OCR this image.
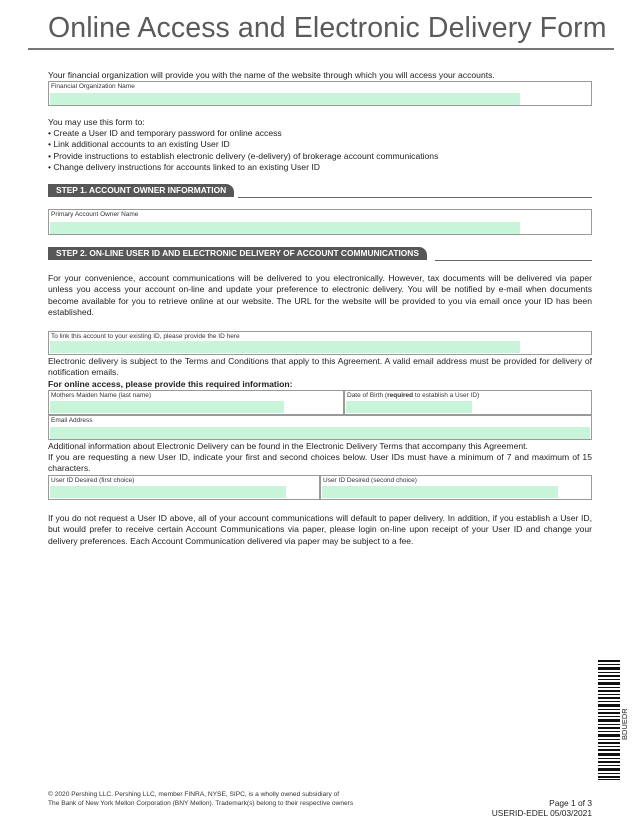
Online Access and Electronic Delivery Form
Your financial organization will provide you with the name of the website through which you will access your accounts.
Financial Organization Name
You may use this form to:
• Create a User ID and temporary password for online access
• Link additional accounts to an existing User ID
• Provide instructions to establish electronic delivery (e-delivery) of brokerage account communications
• Change delivery instructions for accounts linked to an existing User ID
STEP 1. ACCOUNT OWNER INFORMATION
Primary Account Owner Name
STEP 2. ON-LINE USER ID AND ELECTRONIC DELIVERY OF ACCOUNT COMMUNICATIONS
For your convenience, account communications will be delivered to you electronically. However, tax documents will be delivered via paper unless you access your account on-line and update your preference to electronic delivery. You will be notified by e-mail when documents become available for you to retrieve online at our website. The URL for the website will be provided to you via email once your ID has been established.
To link this account to your existing ID, please provide the ID here
Electronic delivery is subject to the Terms and Conditions that apply to this Agreement. A valid email address must be provided for delivery of notification emails.
For online access, please provide this required information:
Mothers Maiden Name (last name)	Date of Birth (required to establish a User ID)
Email Address
Additional information about Electronic Delivery can be found in the Electronic Delivery Terms that accompany this Agreement.
If you are requesting a new User ID, indicate your first and second choices below. User IDs must have a minimum of 7 and maximum of 15 characters.
User ID Desired (first choice)	User ID Desired (second choice)
If you do not request a User ID above, all of your account communications will default to paper delivery. In addition, if you establish a User ID, but would prefer to receive certain Account Communications via paper, please login on-line upon receipt of your User ID and change your delivery preferences. Each Account Communication delivered via paper may be subject to a fee.
BDUEDR
© 2020 Pershing LLC. Pershing LLC, member FINRA, NYSE, SIPC, is a wholly owned subsidiary of
The Bank of New York Mellon Corporation (BNY Mellon). Trademark(s) belong to their respective owners	Page 1 of 3
USERID-EDEL 05/03/2021
